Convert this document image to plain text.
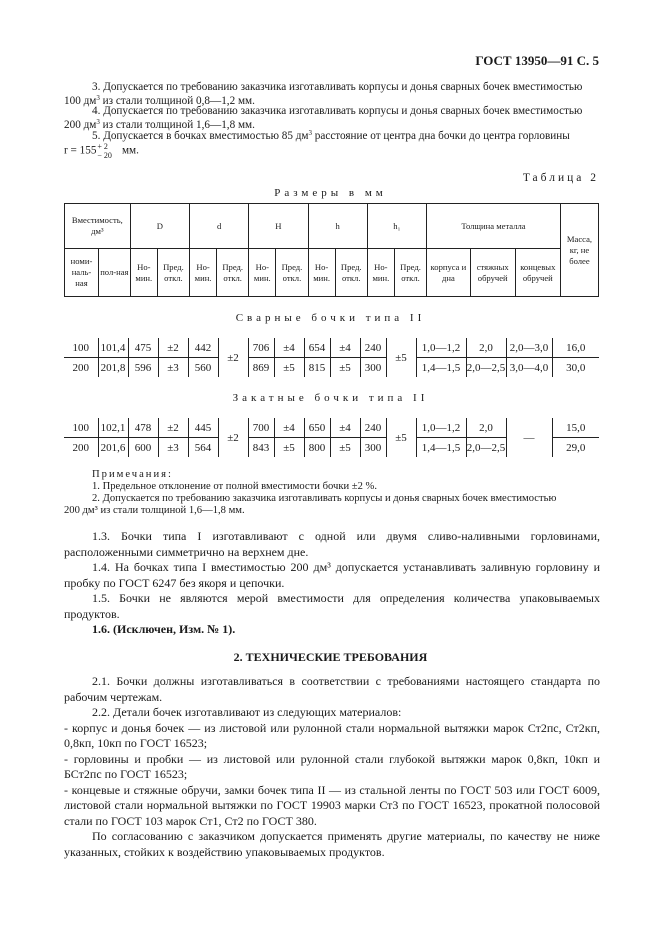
ГОСТ 13950—91 С. 5
3. Допускается по требованию заказчика изготавливать корпусы и донья сварных бочек вместимостью
100 $дм^3$ из стали толщиной 0,8—1,2 мм.
4. Допускается по требованию заказчика изготавливать корпусы и донья сварных бочек вместимостью
200 $дм^3$ из стали толщиной 1,6—1,8 мм.
5. Допускается в бочках вместимостью 85 $дм^3$ расстояние от центра дна бочки до центра горловины
r = 155 + 2
− 20 мм.
Таблица 2
Размеры в мм
Вместимость, дм³		D		d		H		h		h₁		Толщина металла			Масса, кг, не более
номи-наль-ная	пол-ная	Но-мин.	Пред. откл.	Но-мин.	Пред. откл.	Но-мин.	Пред. откл.	Но-мин.	Пред. откл.	Но-мин.	Пред. откл.	корпуса и дна	стяжных обручей	концевых обручей	
Сварные бочки типа II
100	101,4	475	±2	442	±2	706	±4	654	±4	240	±5	1,0—1,2	2,0	2,0—3,0	16,0
200	201,8	596	±3	560		869	±5	815	±5	300		1,4—1,5	2,0—2,5	3,0—4,0	30,0
Закатные бочки типа II
100	102,1	478	±2	445	±2	700	±4	650	±4	240	±5	1,0—1,2	2,0	—	15,0
200	201,6	600	±3	564		843	±5	800	±5	300		1,4—1,5	2,0—2,5		29,0
Примечания:
1. Предельное отклонение от полной вместимости бочки ±2 %.
2. Допускается по требованию заказчика изготавливать корпусы и донья сварных бочек вместимостью
200 дм³ из стали толщиной 1,6—1,8 мм.
1.3. Бочки типа I изготавливают с одной или двумя сливо-наливными горловинами, расположенными симметрично на верхнем дне.
1.4. На бочках типа I вместимостью 200 дм³ допускается устанавливать заливную горловину и пробку по ГОСТ 6247 без якоря и цепочки.
1.5. Бочки не являются мерой вместимости для определения количества упаковываемых продуктов.
1.6. (Исключен, Изм. № 1).
2. ТЕХНИЧЕСКИЕ ТРЕБОВАНИЯ
2.1. Бочки должны изготавливаться в соответствии с требованиями настоящего стандарта по рабочим чертежам.
2.2. Детали бочек изготавливают из следующих материалов:
- корпус и донья бочек — из листовой или рулонной стали нормальной вытяжки марок Ст2пс, Ст2кп, 0,8кп, 10кп по ГОСТ 16523;
- горловины и пробки — из листовой или рулонной стали глубокой вытяжки марок 0,8кп, 10кп и БСт2пс по ГОСТ 16523;
- концевые и стяжные обручи, замки бочек типа II — из стальной ленты по ГОСТ 503 или ГОСТ 6009, листовой стали нормальной вытяжки по ГОСТ 19903 марки Ст3 по ГОСТ 16523, прокатной полосовой стали по ГОСТ 103 марок Ст1, Ст2 по ГОСТ 380.
По согласованию с заказчиком допускается применять другие материалы, по качеству не ниже указанных, стойких к воздействию упаковываемых продуктов.
